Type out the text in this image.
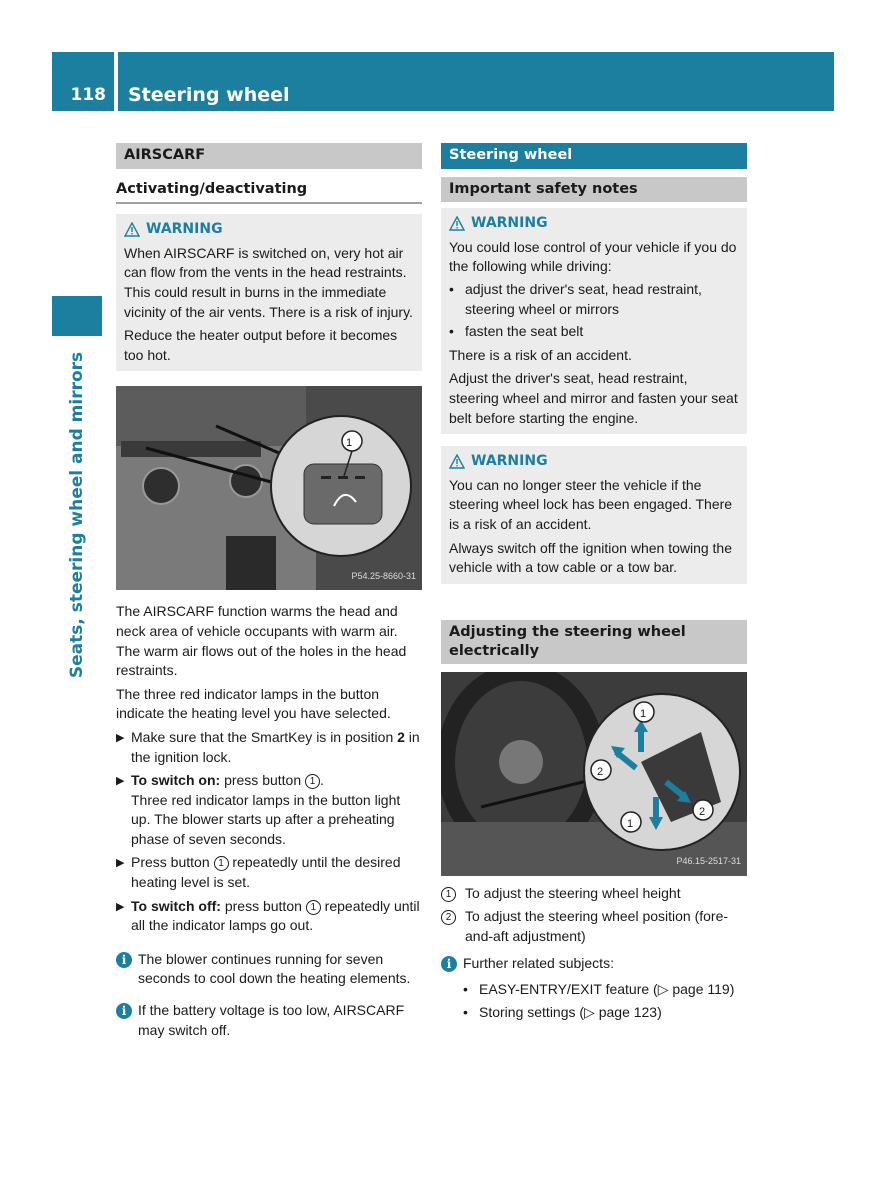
118 Steering wheel
Seats, steering wheel and mirrors
AIRSCARF
Activating/deactivating
WARNING

When AIRSCARF is switched on, very hot air can flow from the vents in the head restraints. This could result in burns in the immediate vicinity of the air vents. There is a risk of injury.

Reduce the heater output before it becomes too hot.

1
P54.25-8660-31

The AIRSCARF function warms the head and neck area of vehicle occupants with warm air. The warm air flows out of the holes in the head restraints.

The three red indicator lamps in the button indicate the heating level you have selected.

▶ Make sure that the SmartKey is in position 2 in the ignition lock.
▶ To switch on: press button 1 .

Three red indicator lamps in the button light up. The blower starts up after a preheating phase of seven seconds.

▶ Press button 1 repeatedly until the desired heating level is set.
▶ To switch off: press button 1 repeatedly until all the indicator lamps go out.
i The blower continues running for seven seconds to cool down the heating elements.

i If the battery voltage is too low, AIRSCARF may switch off.

Steering wheel
Important safety notes
WARNING

You could lose control of your vehicle if you do the following while driving:

• adjust the driver's seat, head restraint, steering wheel or mirrors
• fasten the seat belt

There is a risk of an accident.

Adjust the driver's seat, head restraint, steering wheel and mirror and fasten your seat belt before starting the engine.

WARNING

You can no longer steer the vehicle if the steering wheel lock has been engaged. There is a risk of an accident.

Always switch off the ignition when towing the vehicle with a tow cable or a tow bar.

Adjusting the steering wheel electrically
1
2
1
2
P46.15-2517-31
1 To adjust the steering wheel height
2 To adjust the steering wheel position (fore-and-aft adjustment)
i Further related subjects:

• EASY-ENTRY/EXIT feature (▷ page 119)
• Storing settings (▷ page 123)
